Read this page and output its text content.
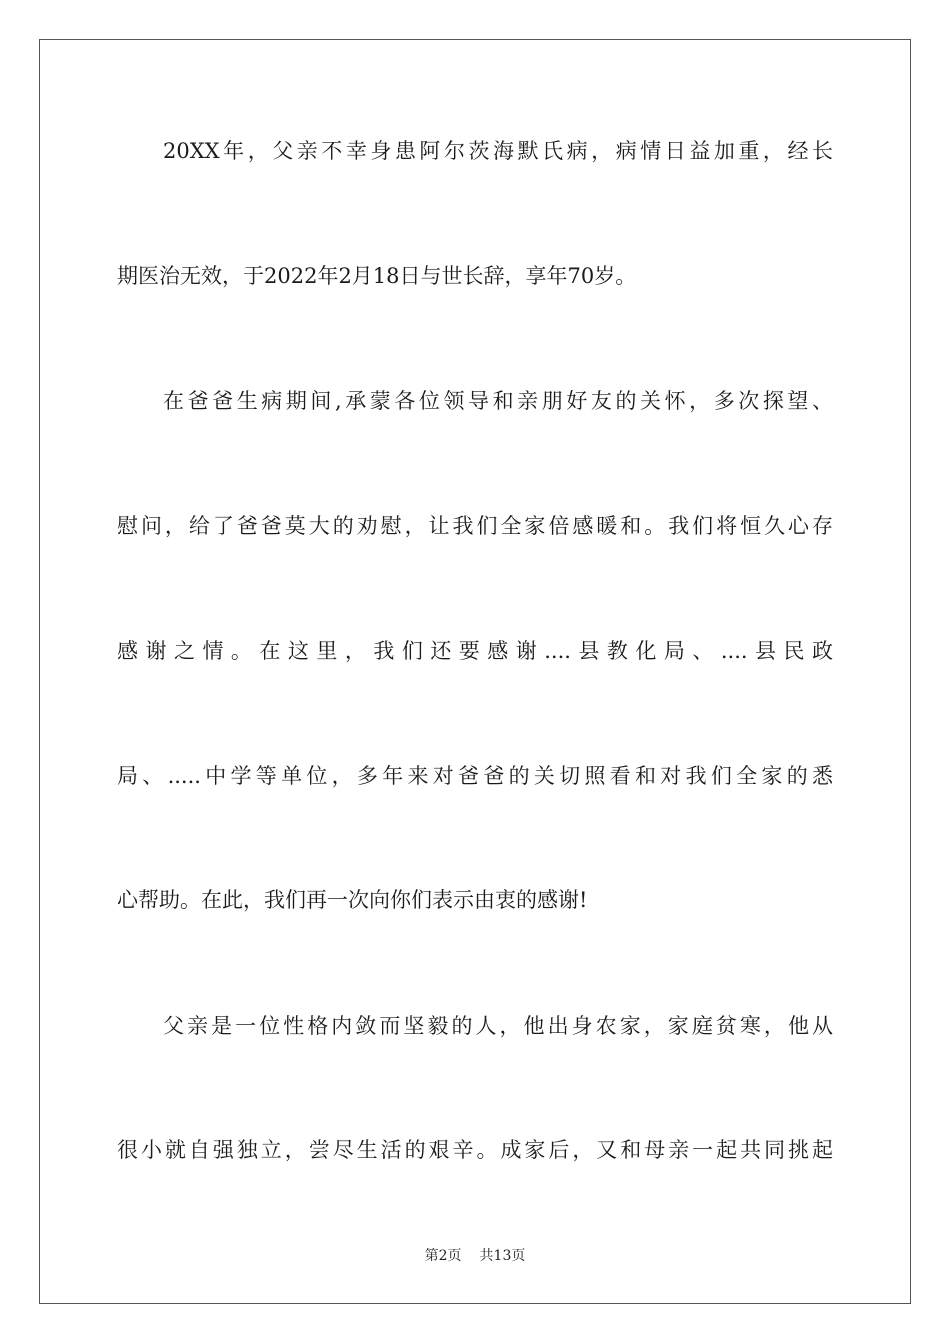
20XX年，父亲不幸身患阿尔茨海默氏病，病情日益加重，经长
期医治无效，于2022年2月18日与世长辞，享年70岁。
在爸爸生病期间,承蒙各位领导和亲朋好友的关怀，多次探望、
慰问，给了爸爸莫大的劝慰，让我们全家倍感暖和。我们将恒久心存
感谢之情。在这里，我们还要感谢....县教化局、....县民政
局、.....中学等单位，多年来对爸爸的关切照看和对我们全家的悉
心帮助。在此，我们再一次向你们表示由衷的感谢!
父亲是一位性格内敛而坚毅的人，他出身农家，家庭贫寒，他从
很小就自强独立，尝尽生活的艰辛。成家后，又和母亲一起共同挑起
第2页 共13页
